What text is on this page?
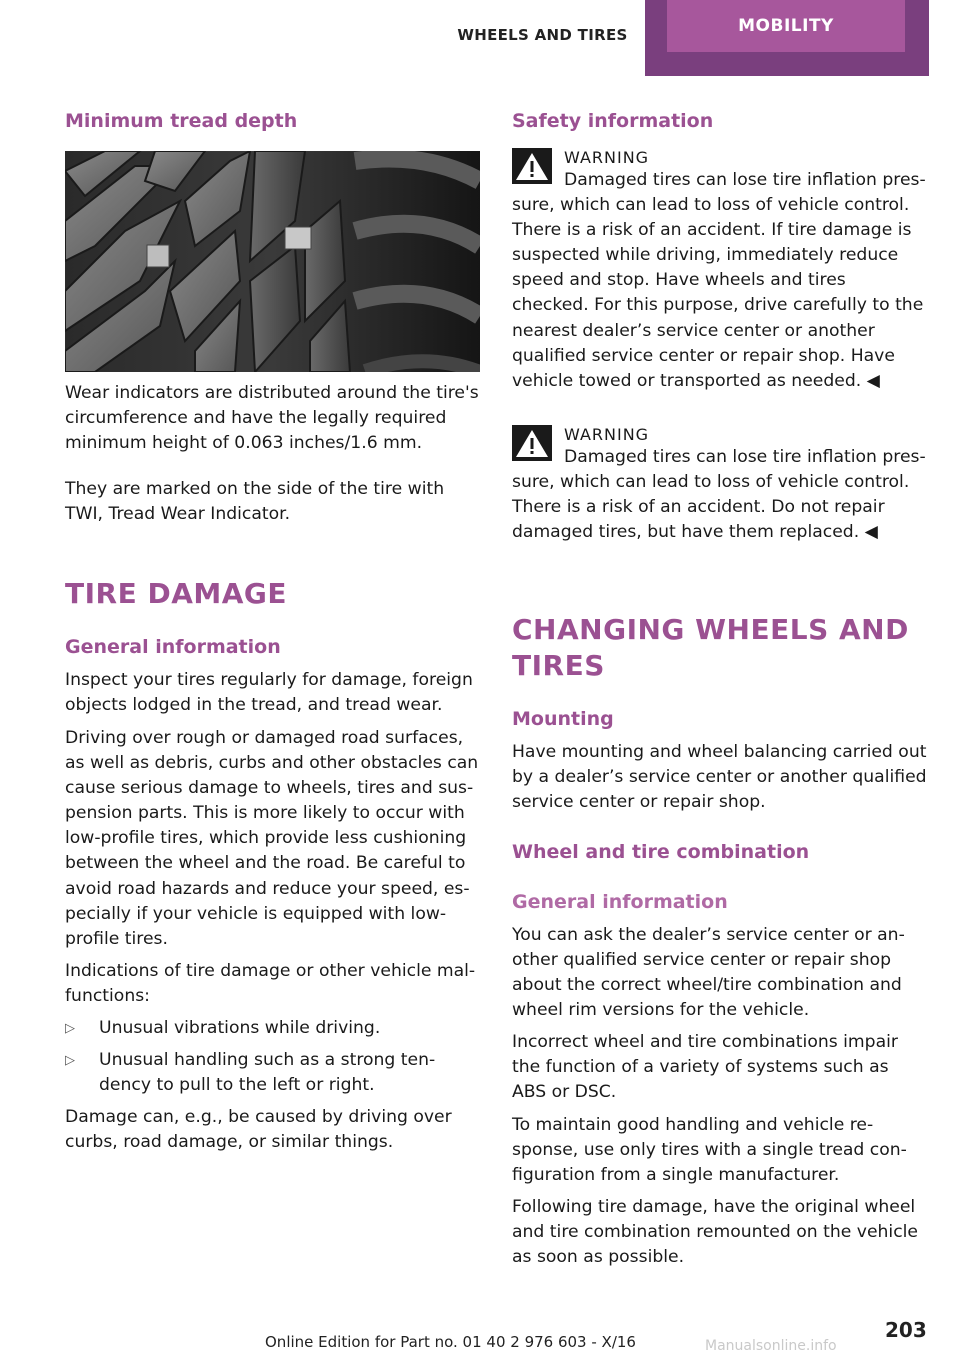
WHEELS AND TIRES	MOBILITY
Minimum tread depth

Wear indicators are distributed around the tire's circumference and have the legally required minimum height of 0.063 inches/1.6 mm.

They are marked on the side of the tire with TWI, Tread Wear Indicator.

TIRE DAMAGE
General information

Inspect your tires regularly for damage, foreign objects lodged in the tread, and tread wear.

Driving over rough or damaged road surfaces, as well as debris, curbs and other obstacles can cause serious damage to wheels, tires and sus‐ pension parts. This is more likely to occur with low-profile tires, which provide less cushioning between the wheel and the road. Be careful to avoid road hazards and reduce your speed, es‐ pecially if your vehicle is equipped with low- profile tires.

Indications of tire damage or other vehicle mal‐ functions:

▷	Unusual vibrations while driving.
▷	Unusual handling such as a strong ten‐ dency to pull to the left or right.

Damage can, e.g., be caused by driving over curbs, road damage, or similar things.

Safety information
WARNING
Damaged tires can lose tire inflation pres‐ sure, which can lead to loss of vehicle control. There is a risk of an accident. If tire damage is suspected while driving, immediately reduce speed and stop. Have wheels and tires checked. For this purpose, drive carefully to the nearest dealer’s service center or another qualified service center or repair shop. Have vehicle towed or transported as needed. ◀
WARNING
Damaged tires can lose tire inflation pres‐ sure, which can lead to loss of vehicle control. There is a risk of an accident. Do not repair damaged tires, but have them replaced. ◀
CHANGING WHEELS AND TIRES
Mounting

Have mounting and wheel balancing carried out by a dealer’s service center or another qualified service center or repair shop.

Wheel and tire combination
General information

You can ask the dealer’s service center or an‐ other qualified service center or repair shop about the correct wheel/tire combination and wheel rim versions for the vehicle.

Incorrect wheel and tire combinations impair the function of a variety of systems such as ABS or DSC.

To maintain good handling and vehicle re‐ sponse, use only tires with a single tread con‐ figuration from a single manufacturer.

Following tire damage, have the original wheel and tire combination remounted on the vehicle as soon as possible.

203
Online Edition for Part no. 01 40 2 976 603 - X/16	Manualsonline.info
